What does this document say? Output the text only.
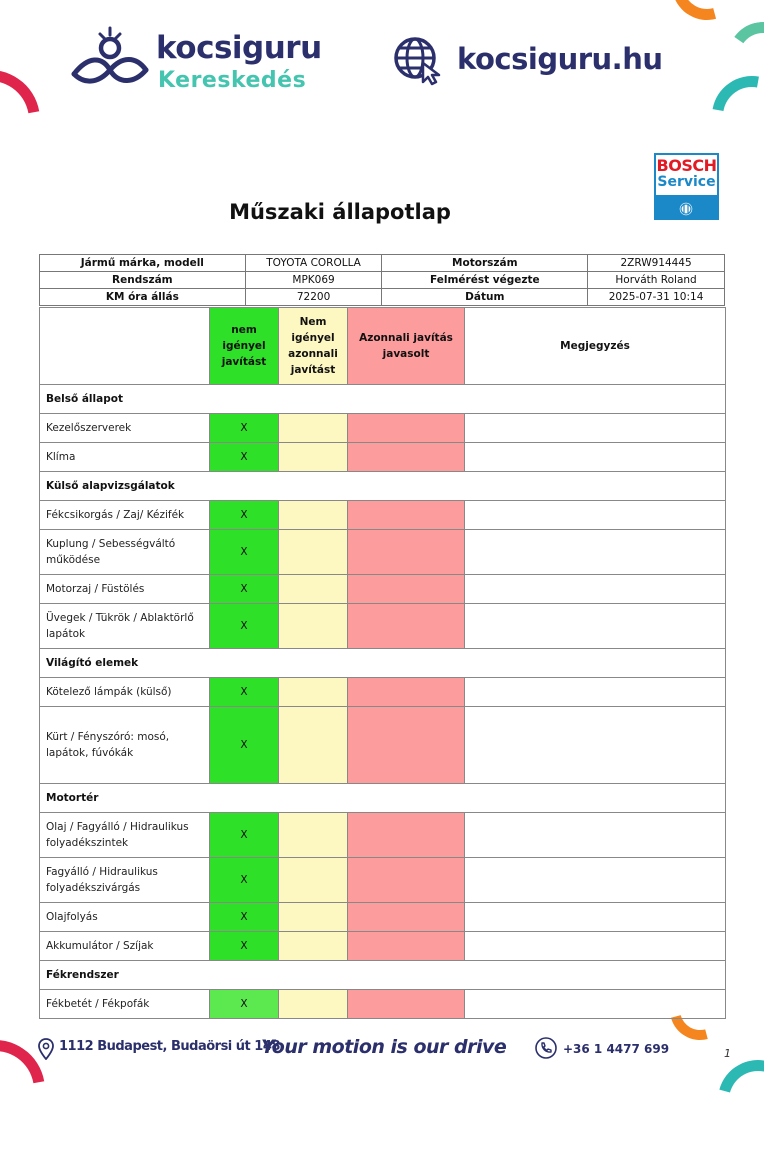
kocsiguru
Kereskedés
kocsiguru.hu
BOSCH
Service
Műszaki állapotlap
Jármű márka, modell	TOYOTA COROLLA	Motorszám	2ZRW914445
Rendszám	MPK069	Felmérést végezte	Horváth Roland
KM óra állás	72200	Dátum	2025-07-31 10:14
	nem igényel javítást	Nem igényel azonnali javítást	Azonnali javítás javasolt	Megjegyzés
Belső állapot				
Kezelőszerverek	X			
Klíma	X			
Külső alapvizsgálatok				
Fékcsikorgás / Zaj/ Kézifék	X			
Kuplung / Sebességváltó működése	X			
Motorzaj / Füstölés	X			
Üvegek / Tükrök / Ablaktörlő lapátok	X			
Világító elemek				
Kötelező lámpák (külső)	X			
Kürt / Fényszóró: mosó, lapátok, fúvókák	X			
Motortér				
Olaj / Fagyálló / Hidraulikus folyadékszintek	X			
Fagyálló / Hidraulikus folyadékszivárgás	X			
Olajfolyás	X			
Akkumulátor / Szíjak	X			
Fékrendszer				
Fékbetét / Fékpofák	X			
1112 Budapest, Budaörsi út 148.
Your motion is our drive	+36 1 4477 699	1
